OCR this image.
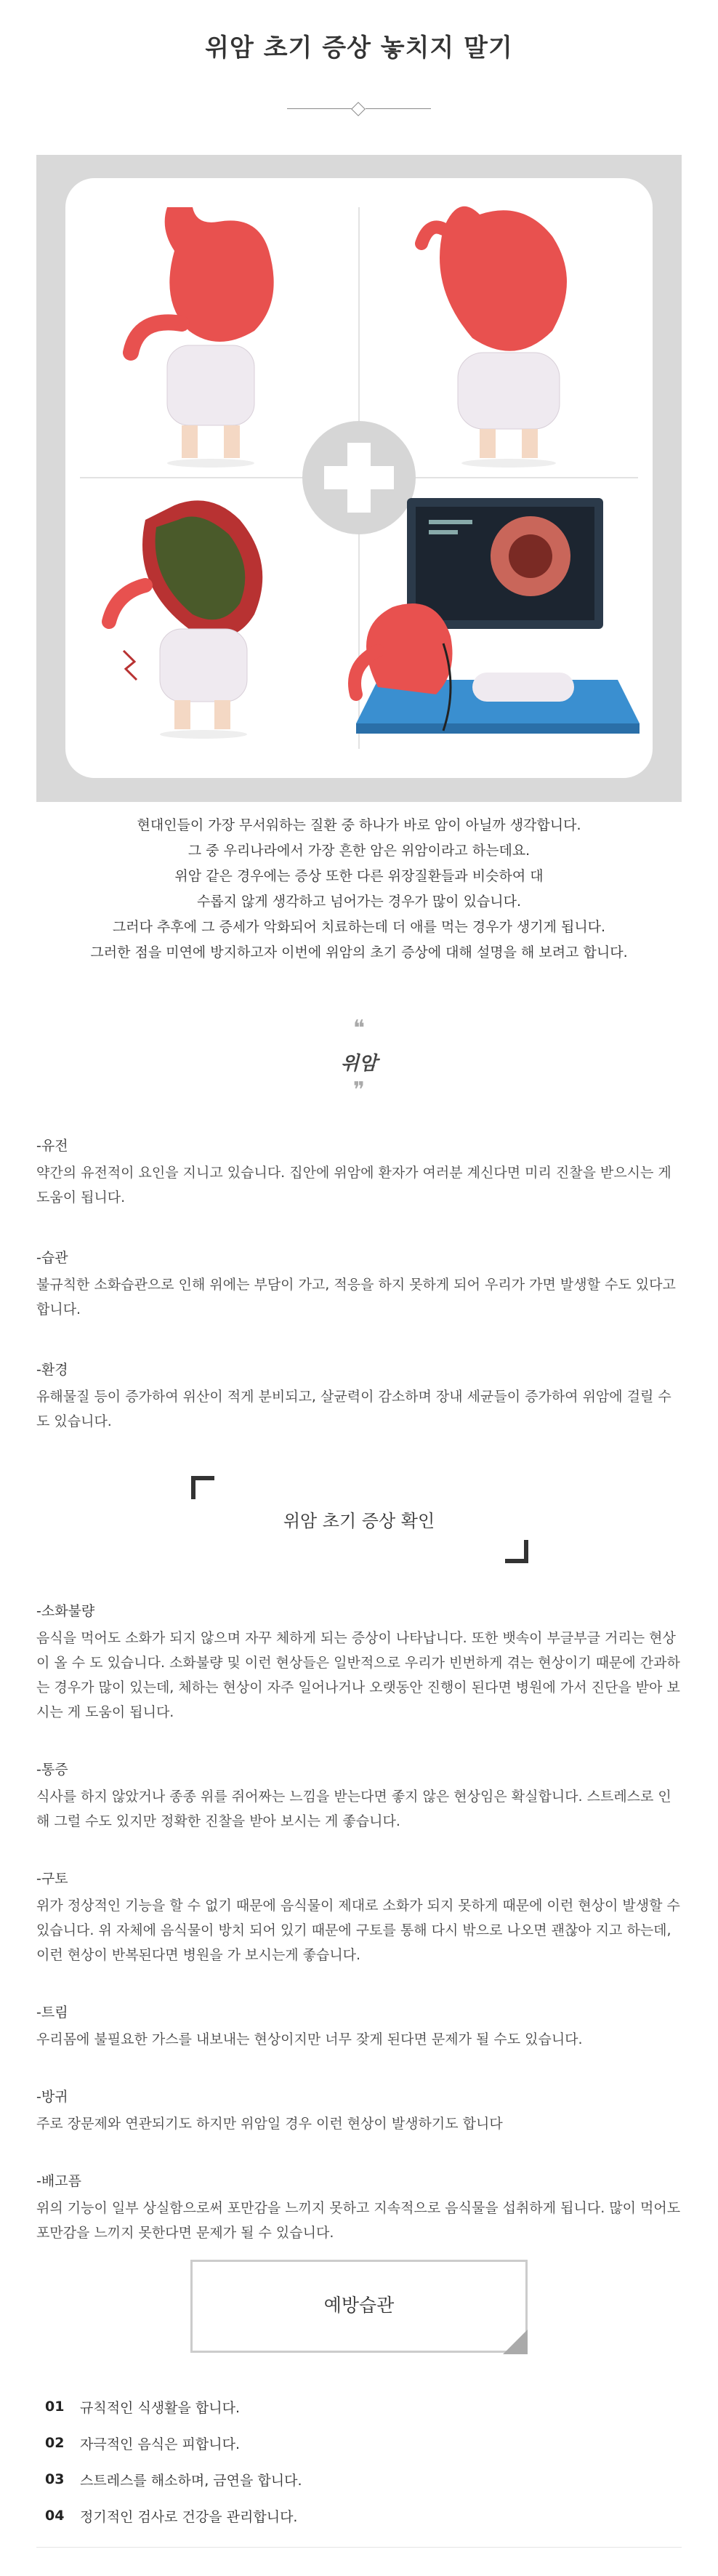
위암 초기 증상 놓치지 말기

현대인들이 가장 무서워하는 질환 중 하나가 바로 암이 아닐까 생각합니다.

그 중 우리나라에서 가장 흔한 암은 위암이라고 하는데요.

위암 같은 경우에는 증상 또한 다른 위장질환들과 비슷하여 대

수롭지 않게 생각하고 넘어가는 경우가 많이 있습니다.

그러다 추후에 그 증세가 악화되어 치료하는데 더 애를 먹는 경우가 생기게 됩니다.

그러한 점을 미연에 방지하고자 이번에 위암의 초기 증상에 대해 설명을 해 보려고 합니다.

❝
위암
❞

-유전

약간의 유전적이 요인을 지니고 있습니다. 집안에 위암에 환자가 여러분 계신다면 미리 진찰을 받으시는 게 도움이 됩니다.

-습관

불규칙한 소화습관으로 인해 위에는 부담이 가고, 적응을 하지 못하게 되어 우리가 가면 발생할 수도 있다고 합니다.

-환경

유해물질 등이 증가하여 위산이 적게 분비되고, 살균력이 감소하며 장내 세균들이 증가하여 위암에 걸릴 수도 있습니다.

위암 초기 증상 확인

-소화불량

음식을 먹어도 소화가 되지 않으며 자꾸 체하게 되는 증상이 나타납니다. 또한 뱃속이 부글부글 거리는 현상이 올 수 도 있습니다. 소화불량 및 이런 현상들은 일반적으로 우리가 빈번하게 겪는 현상이기 때문에 간과하는 경우가 많이 있는데, 체하는 현상이 자주 일어나거나 오랫동안 진행이 된다면 병원에 가서 진단을 받아 보시는 게 도움이 됩니다.

-통증

식사를 하지 않았거나 종종 위를 쥐어짜는 느낌을 받는다면 좋지 않은 현상임은 확실합니다. 스트레스로 인해 그럴 수도 있지만 정확한 진찰을 받아 보시는 게 좋습니다.

-구토

위가 정상적인 기능을 할 수 없기 때문에 음식물이 제대로 소화가 되지 못하게 때문에 이런 현상이 발생할 수 있습니다. 위 자체에 음식물이 방치 되어 있기 때문에 구토를 통해 다시 밖으로 나오면 괜찮아 지고 하는데, 이런 현상이 반복된다면 병원을 가 보시는게 좋습니다.

-트림

우리몸에 불필요한 가스를 내보내는 현상이지만 너무 잦게 된다면 문제가 될 수도 있습니다.

-방귀

주로 장문제와 연관되기도 하지만 위암일 경우 이런 현상이 발생하기도 합니다

-배고픔

위의 기능이 일부 상실함으로써 포만감을 느끼지 못하고 지속적으로 음식물을 섭취하게 됩니다. 많이 먹어도 포만감을 느끼지 못한다면 문제가 될 수 있습니다.

예방습관
01	규칙적인 식생활을 합니다.
02	자극적인 음식은 피합니다.
03	스트레스를 해소하며, 금연을 합니다.
04	정기적인 검사로 건강을 관리합니다.
